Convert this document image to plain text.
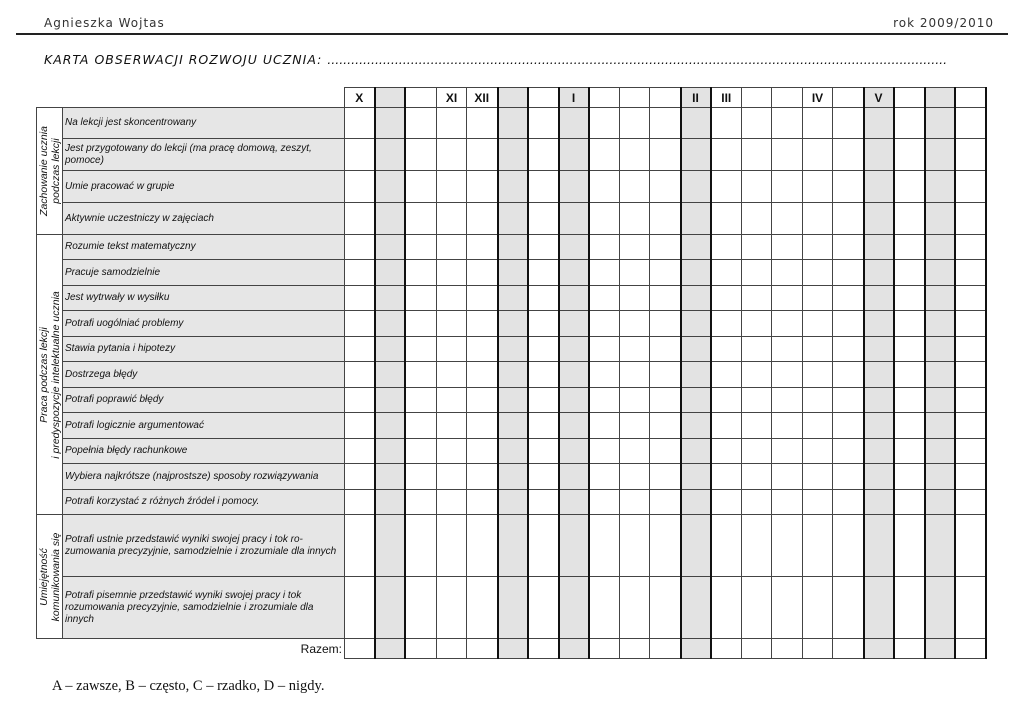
Agnieszka Wojtas	rok 2009/2010
KARTA OBSERWACJI ROZWOJU UCZNIA: ............................................................................................................................................................
		X			XI	XII			I				II	III			IV		V			

Zachowanie ucznia
podczas lekcji	Na lekcji jest skoncentrowany																					
	Jest przygotowany do lekcji (ma pracę domową, zeszyt, pomoce)																					
	Umie pracować w grupie																					
	Aktywnie uczestniczy w zajęciach																					

Praca podczas lekcji
i predyspozycje intelektualne ucznia	Rozumie tekst matematyczny																					
	Pracuje samodzielnie																					
	Jest wytrwały w wysiłku																					
	Potrafi uogólniać problemy																					
	Stawia pytania i hipotezy																					
	Dostrzega błędy																					
	Potrafi poprawić błędy																					
	Potrafi logicznie argumentować																					
	Popełnia błędy rachunkowe																					
	Wybiera najkrótsze (najprostsze) sposoby rozwiązywania																					
	Potrafi korzystać z różnych źródeł i pomocy.																					

Umiejętność
komunikowania się	Potrafi ustnie przedstawić wyniki swojej pracy i tok ro-zumowania precyzyjnie, samodzielnie i zrozumiale dla innych																					
	Potrafi pisemnie przedstawić wyniki swojej pracy i tok rozumowania precyzyjnie, samodzielnie i zrozumiale dla innych																					
	Razem:																					
A – zawsze, B – często, C – rzadko, D – nigdy.
